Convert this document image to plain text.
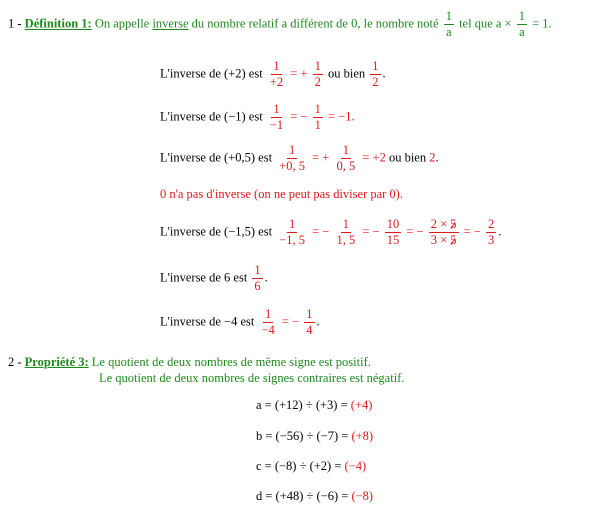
1 - Définition 1: On appelle inverse du nombre relatif a différent de 0, le nombre noté $\frac{1}{a}$ tel que $a \times \frac{1}{a} = 1$.
L'inverse de (+2) est $\frac{1}{+2}$ = + $\frac{1}{2}$ ou bien $\frac{1}{2}$ .
L'inverse de (−1) est $\frac{1}{-1}$ = − $\frac{1}{1} = -1$.
L'inverse de (+0,5) est $\frac{1}{+0, 5}$ = + $\frac{1}{0, 5} = +2$ ou bien 2.
0 n'a pas d'inverse (on ne peut pas diviser par 0).
L'inverse de (−1,5) est $\frac{1}{-1, 5}$ = − $\frac{1}{1, 5}$ = − $\frac{10}{15}$ = − $\frac{2 \times 5}{3 \times 5}$ = − $\frac{2}{3}$ .
L'inverse de 6 est $\frac{1}{6}$ .
L'inverse de −4 est $\frac{1}{-4}$ = − $\frac{1}{4}$ .
2 - Propriété 3: Le quotient de deux nombres de même signe est positif.
Le quotient de deux nombres de signes contraires est négatif.
a = (+12) ÷ (+3) = (+4)
b = (−56) ÷ (−7) = (+8)
c = (−8) ÷ (+2) = (−4)
d = (+48) ÷ (−6) = (−8)
